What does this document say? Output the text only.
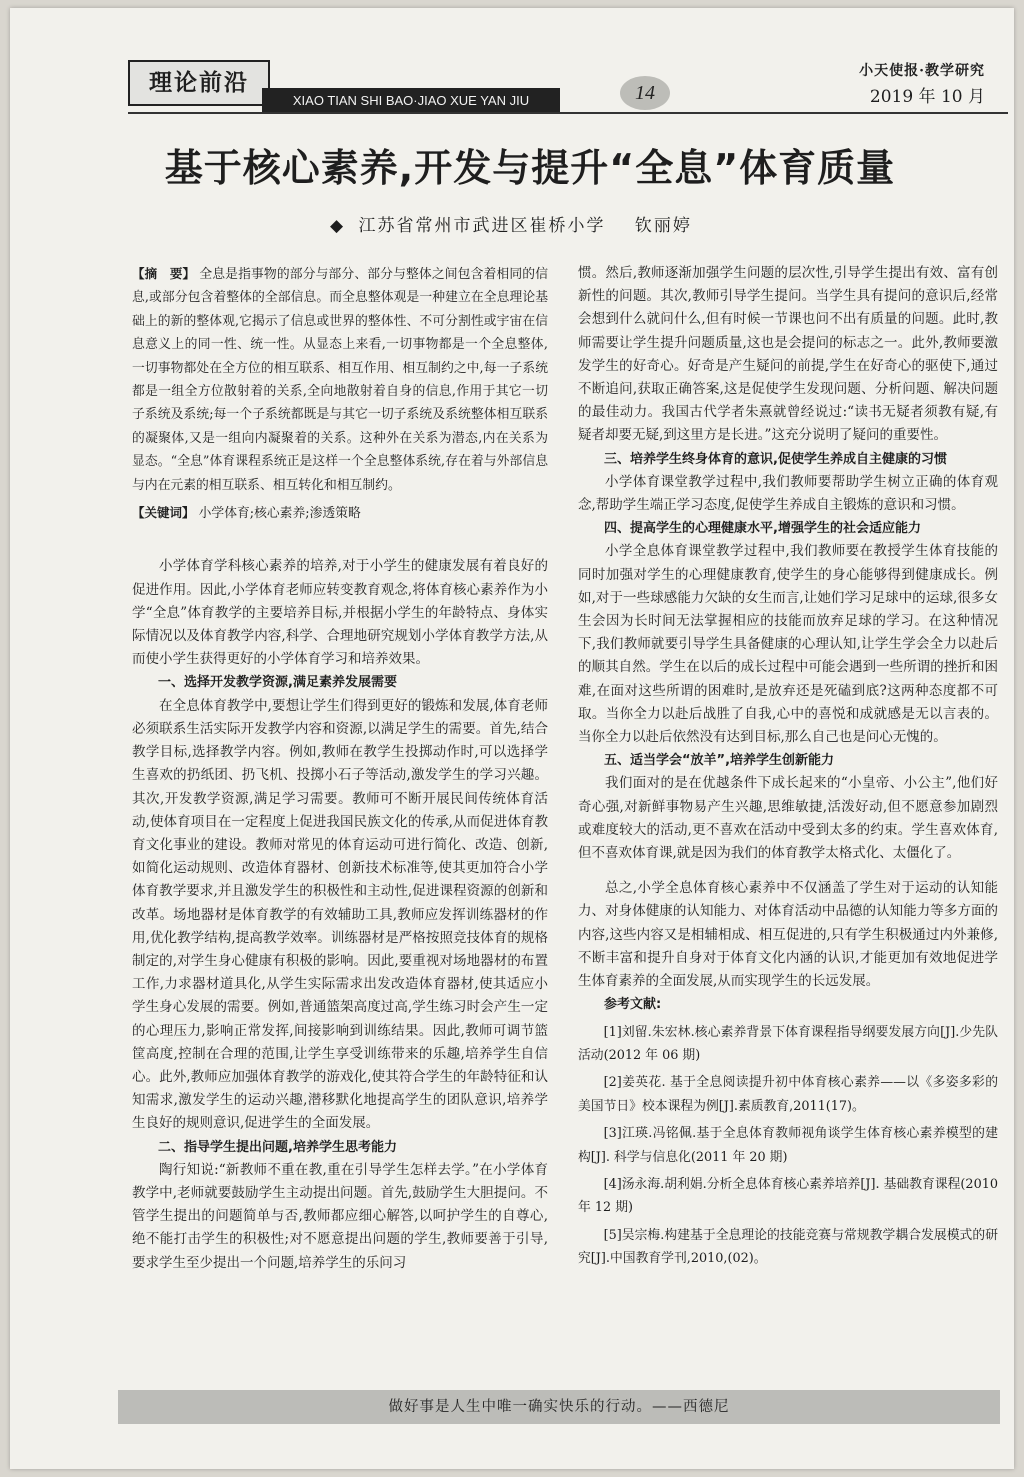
理论前沿
XIAO TIAN SHI BAO·JIAO XUE YAN JIU	14
小天使报·教学研究
2019 年 10 月
基于核心素养,开发与提升“全息”体育质量
◆ 江苏省常州市武进区崔桥小学 钦丽婷

【摘　要】 全息是指事物的部分与部分、部分与整体之间包含着相同的信息,或部分包含着整体的全部信息。而全息整体观是一种建立在全息理论基础上的新的整体观,它揭示了信息或世界的整体性、不可分割性或宇宙在信息意义上的同一性、统一性。从显态上来看,一切事物都是一个全息整体,一切事物都处在全方位的相互联系、相互作用、相互制约之中,每一子系统都是一组全方位散射着的关系,全向地散射着自身的信息,作用于其它一切子系统及系统;每一个子系统都既是与其它一切子系统及系统整体相互联系的凝聚体,又是一组向内凝聚着的关系。这种外在关系为潜态,内在关系为显态。“全息”体育课程系统正是这样一个全息整体系统,存在着与外部信息与内在元素的相互联系、相互转化和相互制约。

【关键词】 小学体育;核心素养;渗透策略

小学体育学科核心素养的培养,对于小学生的健康发展有着良好的促进作用。因此,小学体育老师应转变教育观念,将体育核心素养作为小学“全息”体育教学的主要培养目标,并根据小学生的年龄特点、身体实际情况以及体育教学内容,科学、合理地研究规划小学体育教学方法,从而使小学生获得更好的小学体育学习和培养效果。

一、选择开发教学资源,满足素养发展需要

在全息体育教学中,要想让学生们得到更好的锻炼和发展,体育老师必须联系生活实际开发教学内容和资源,以满足学生的需要。首先,结合教学目标,选择教学内容。例如,教师在教学生投掷动作时,可以选择学生喜欢的扔纸团、扔飞机、投掷小石子等活动,激发学生的学习兴趣。其次,开发教学资源,满足学习需要。教师可不断开展民间传统体育活动,使体育项目在一定程度上促进我国民族文化的传承,从而促进体育教育文化事业的建设。教师对常见的体育运动可进行简化、改造、创新,如简化运动规则、改造体育器材、创新技术标准等,使其更加符合小学体育教学要求,并且激发学生的积极性和主动性,促进课程资源的创新和改革。场地器材是体育教学的有效辅助工具,教师应发挥训练器材的作用,优化教学结构,提高教学效率。训练器材是严格按照竞技体育的规格制定的,对学生身心健康有积极的影响。因此,要重视对场地器材的布置工作,力求器材道具化,从学生实际需求出发改造体育器材,使其适应小学生身心发展的需要。例如,普通篮架高度过高,学生练习时会产生一定的心理压力,影响正常发挥,间接影响到训练结果。因此,教师可调节篮筐高度,控制在合理的范围,让学生享受训练带来的乐趣,培养学生自信心。此外,教师应加强体育教学的游戏化,使其符合学生的年龄特征和认知需求,激发学生的运动兴趣,潜移默化地提高学生的团队意识,培养学生良好的规则意识,促进学生的全面发展。

二、指导学生提出问题,培养学生思考能力

陶行知说:“新教师不重在教,重在引导学生怎样去学。”在小学体育教学中,老师就要鼓励学生主动提出问题。首先,鼓励学生大胆提问。不管学生提出的问题简单与否,教师都应细心解答,以呵护学生的自尊心,绝不能打击学生的积极性;对不愿意提出问题的学生,教师要善于引导,要求学生至少提出一个问题,培养学生的乐问习

惯。然后,教师逐渐加强学生问题的层次性,引导学生提出有效、富有创新性的问题。其次,教师引导学生提问。当学生具有提问的意识后,经常会想到什么就问什么,但有时候一节课也问不出有质量的问题。此时,教师需要让学生提升问题质量,这也是会提问的标志之一。此外,教师要激发学生的好奇心。好奇是产生疑问的前提,学生在好奇心的驱使下,通过不断追问,获取正确答案,这是促使学生发现问题、分析问题、解决问题的最佳动力。我国古代学者朱熹就曾经说过:“读书无疑者须教有疑,有疑者却要无疑,到这里方是长进。”这充分说明了疑问的重要性。

三、培养学生终身体育的意识,促使学生养成自主健康的习惯

小学体育课堂教学过程中,我们教师要帮助学生树立正确的体育观念,帮助学生端正学习态度,促使学生养成自主锻炼的意识和习惯。

四、提高学生的心理健康水平,增强学生的社会适应能力

小学全息体育课堂教学过程中,我们教师要在教授学生体育技能的同时加强对学生的心理健康教育,使学生的身心能够得到健康成长。例如,对于一些球感能力欠缺的女生而言,让她们学习足球中的运球,很多女生会因为长时间无法掌握相应的技能而放弃足球的学习。在这种情况下,我们教师就要引导学生具备健康的心理认知,让学生学会全力以赴后的顺其自然。学生在以后的成长过程中可能会遇到一些所谓的挫折和困难,在面对这些所谓的困难时,是放弃还是死磕到底?这两种态度都不可取。当你全力以赴后战胜了自我,心中的喜悦和成就感是无以言表的。当你全力以赴后依然没有达到目标,那么自己也是问心无愧的。

五、适当学会“放羊”,培养学生创新能力

我们面对的是在优越条件下成长起来的“小皇帝、小公主”,他们好奇心强,对新鲜事物易产生兴趣,思维敏捷,活泼好动,但不愿意参加剧烈或难度较大的活动,更不喜欢在活动中受到太多的约束。学生喜欢体育,但不喜欢体育课,就是因为我们的体育教学太格式化、太僵化了。

总之,小学全息体育核心素养中不仅涵盖了学生对于运动的认知能力、对身体健康的认知能力、对体育活动中品德的认知能力等多方面的内容,这些内容又是相辅相成、相互促进的,只有学生积极通过内外兼修,不断丰富和提升自身对于体育文化内涵的认识,才能更加有效地促进学生体育素养的全面发展,从而实现学生的长远发展。

参考文献:

[1]刘留.朱宏林.核心素养背景下体育课程指导纲要发展方向[J].少先队活动(2012 年 06 期)

[2]姜英花. 基于全息阅读提升初中体育核心素养——以《多姿多彩的美国节日》校本课程为例[J].素质教育,2011(17)。

[3]江瑛.冯铭佩.基于全息体育教师视角谈学生体育核心素养模型的建构[J]. 科学与信息化(2011 年 20 期)

[4]汤永海.胡利娟.分析全息体育核心素养培养[J]. 基础教育课程(2010 年 12 期)

[5]吴宗梅.构建基于全息理论的技能竞赛与常规教学耦合发展模式的研究[J].中国教育学刊,2010,(02)。

做好事是人生中唯一确实快乐的行动。——西德尼
